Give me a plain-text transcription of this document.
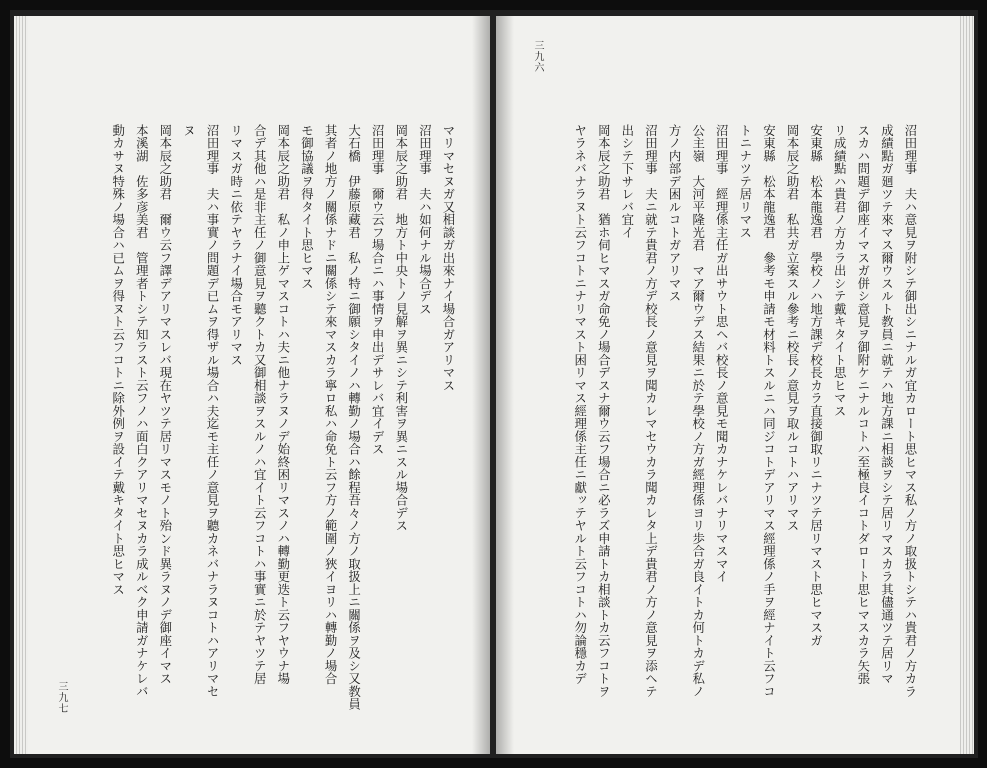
マリマセヌガ又相談ガ出來ナイ場合ガアリマス
沼田理事　夫ハ如何ナル場合デス
岡本辰之助君　地方ト中央トノ見解ヲ異ニシテ利害ヲ異ニスル場合デス
沼田理事　爾ウ云フ場合ニハ事情ヲ申出デサレバ宜イデス
大石橋　伊藤原藏君　私ノ特ニ御願シタイノハ轉勤ノ場合ハ餘程吾々ノ方ノ取扱上ニ關係ヲ及シ又教員
其者ノ地方ノ關係ナドニ關係シテ來マスカラ寧ロ私ハ命免ト云フ方ノ範圍ノ狹イヨリハ轉勤ノ場合
モ御協議ヲ得タイト思ヒマス
岡本辰之助君　私ノ申上ゲマスコトハ夫ニ他ナラヌノデ始終困リマスノハ轉勤更迭ト云フヤウナ場
合デ其他ハ是非主任ノ御意見ヲ聽クトカ又御相談ヲスルノハ宜イト云フコトハ事實ニ於テヤツテ居
リマスガ時ニ依テヤラナイ場合モアリマス
沼田理事　夫ハ事實ノ問題デ已ムヲ得ザル場合ハ夫迄モ主任ノ意見ヲ聽カネバナラヌコトハアリマセ
ヌ
岡本辰之助君　爾ウ云フ譯デアリマスレバ現在ヤツテ居リマスモノト殆ンド異ラヌノデ御座イマス
本溪湖　佐多彦美君　管理者トシテ知ラスト云フノハ面白クアリマセヌカラ成ルベク申請ガナケレバ
動カサヌ特殊ノ場合ハ已ムヲ得ヌト云フコトニ除外例ヲ設イテ戴キタイト思ヒマス
三九七
三九六
沼田理事　夫ハ意見ヲ附シテ御出シニナルガ宜カロート思ヒマス私ノ方ノ取扱トシテハ貴君ノ方カラ
成績點ガ廻ツテ來マス爾ウスルト教員ニ就テハ地方課ニ相談ヲシテ居リマスカラ其儘通ツテ居リマ
スカハ問題デ御座イマスガ併シ意見ヲ御附ケニナルコトハ至極良イコトダロート思ヒマスカラ矢張
リ成績點ハ貴君ノ方カラ出シテ戴キタイト思ヒマス
安東縣　松本龍逸君　學校ノハ地方課デ校長カラ直接御取リニナツテ居リマスト思ヒマスガ
岡本辰之助君　私共ガ立案スル參考ニ校長ノ意見ヲ取ルコトハアリマス
安東縣　松本龍逸君　參考モ申請モ材料トスルニハ同ジコトデアリマス經理係ノ手ヲ經ナイト云フコ
トニナツテ居リマス
沼田理事　經理係主任ガ出サウト思ヘバ校長ノ意見モ聞カナケレバナリマスマイ
公主嶺　大河平隆光君　マア爾ウデス結果ニ於テ學校ノ方ガ經理係ヨリ歩合ガ良イトカ何トカデ私ノ
方ノ内部デ困ルコトガアリマス
沼田理事　夫ニ就テ貴君ノ方デ校長ノ意見ヲ聞カレマセウカラ聞カレタ上デ貴君ノ方ノ意見ヲ添ヘテ
出シテ下サレバ宜イ
岡本辰之助君　猶ホ伺ヒマスガ命免ノ場合デスナ爾ウ云フ場合ニ必ラズ申請トカ相談トカ云フコトヲ
ヤラネバナラヌト云フコトニナリマスト困リマス經理係主任ニ獻ッテヤルト云フコトハ勿論穩カデ
